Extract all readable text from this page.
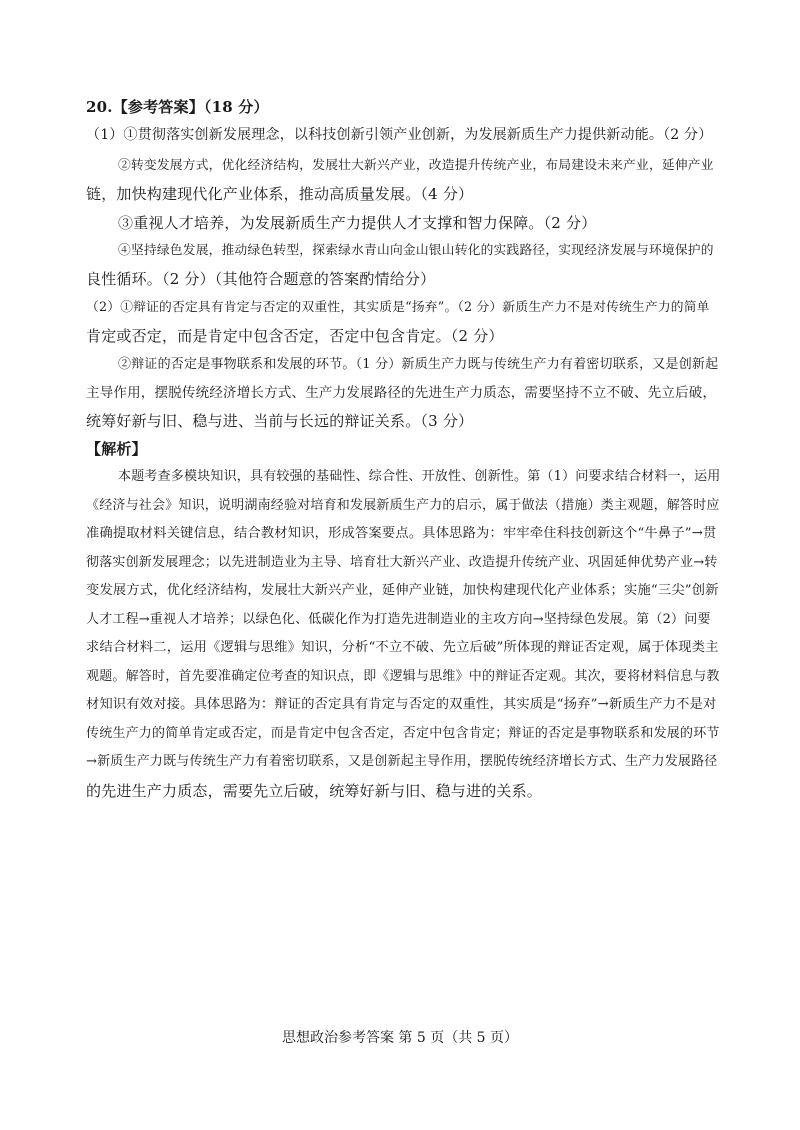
20.【参考答案】（18 分）
（1）①贯彻落实创新发展理念，以科技创新引领产业创新，为发展新质生产力提供新动能。（2 分）
②转变发展方式，优化经济结构，发展壮大新兴产业，改造提升传统产业，布局建设未来产业，延伸产业
链，加快构建现代化产业体系，推动高质量发展。（4 分）
③重视人才培养，为发展新质生产力提供人才支撑和智力保障。（2 分）
④坚持绿色发展，推动绿色转型，探索绿水青山向金山银山转化的实践路径，实现经济发展与环境保护的
良性循环。（2 分）（其他符合题意的答案酌情给分）
（2）①辩证的否定具有肯定与否定的双重性，其实质是“扬弃”。（2 分）新质生产力不是对传统生产力的简单
肯定或否定，而是肯定中包含否定，否定中包含肯定。（2 分）
②辩证的否定是事物联系和发展的环节。（1 分）新质生产力既与传统生产力有着密切联系，又是创新起
主导作用，摆脱传统经济增长方式、生产力发展路径的先进生产力质态，需要坚持不立不破、先立后破，
统筹好新与旧、稳与进、当前与长远的辩证关系。（3 分）
【解析】
本题考查多模块知识，具有较强的基础性、综合性、开放性、创新性。第（1）问要求结合材料一，运用
《经济与社会》知识，说明湖南经验对培育和发展新质生产力的启示，属于做法（措施）类主观题，解答时应
准确提取材料关键信息，结合教材知识，形成答案要点。具体思路为：牢牢牵住科技创新这个“牛鼻子”→贯
彻落实创新发展理念；以先进制造业为主导、培育壮大新兴产业、改造提升传统产业、巩固延伸优势产业→转
变发展方式，优化经济结构，发展壮大新兴产业，延伸产业链，加快构建现代化产业体系；实施“三尖”创新
人才工程→重视人才培养；以绿色化、低碳化作为打造先进制造业的主攻方向→坚持绿色发展。第（2）问要
求结合材料二，运用《逻辑与思维》知识，分析“不立不破、先立后破”所体现的辩证否定观，属于体现类主
观题。解答时，首先要准确定位考查的知识点，即《逻辑与思维》中的辩证否定观。其次，要将材料信息与教
材知识有效对接。具体思路为：辩证的否定具有肯定与否定的双重性，其实质是“扬弃”→新质生产力不是对
传统生产力的简单肯定或否定，而是肯定中包含否定，否定中包含肯定；辩证的否定是事物联系和发展的环节
→新质生产力既与传统生产力有着密切联系，又是创新起主导作用，摆脱传统经济增长方式、生产力发展路径
的先进生产力质态，需要先立后破，统筹好新与旧、稳与进的关系。
思想政治参考答案 第 5 页（共 5 页）
